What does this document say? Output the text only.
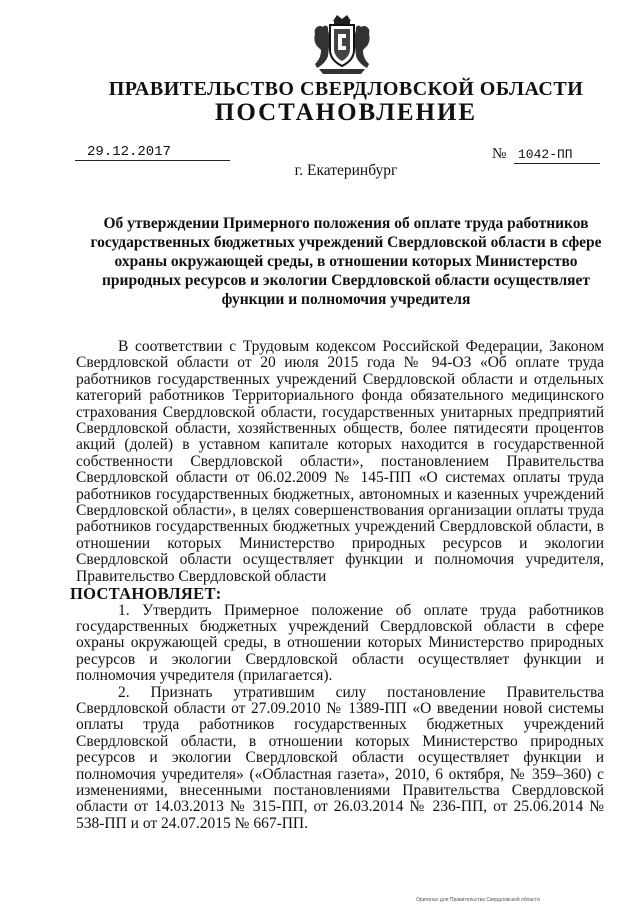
ПРАВИТЕЛЬСТВО СВЕРДЛОВСКОЙ ОБЛАСТИ
ПОСТАНОВЛЕНИЕ
29.12.2017	№ 1042-ПП
г. Екатеринбург
Об утверждении Примерного положения об оплате труда работников государственных бюджетных учреждений Свердловской области в сфере охраны окружающей среды, в отношении которых Министерство природных ресурсов и экологии Свердловской области осуществляет функции и полномочия учредителя

В соответствии с Трудовым кодексом Российской Федерации, Законом Свердловской области от 20 июля 2015 года № 94-ОЗ «Об оплате труда работников государственных учреждений Свердловской области и отдельных категорий работников Территориального фонда обязательного медицинского страхования Свердловской области, государственных унитарных предприятий Свердловской области, хозяйственных обществ, более пятидесяти процентов акций (долей) в уставном капитале которых находится в государственной собственности Свердловской области», постановлением Правительства Свердловской области от 06.02.2009 № 145-ПП «О системах оплаты труда работников государственных бюджетных, автономных и казенных учреждений Свердловской области», в целях совершенствования организации оплаты труда работников государственных бюджетных учреждений Свердловской области, в отношении которых Министерство природных ресурсов и экологии Свердловской области осуществляет функции и полномочия учредителя, Правительство Свердловской области

ПОСТАНОВЛЯЕТ:

1. Утвердить Примерное положение об оплате труда работников государственных бюджетных учреждений Свердловской области в сфере охраны окружающей среды, в отношении которых Министерство природных ресурсов и экологии Свердловской области осуществляет функции и полномочия учредителя (прилагается).

2. Признать утратившим силу постановление Правительства Свердловской области от 27.09.2010 № 1389-ПП «О введении новой системы оплаты труда работников государственных бюджетных учреждений Свердловской области, в отношении которых Министерство природных ресурсов и экологии Свердловской области осуществляет функции и полномочия учредителя» («Областная газета», 2010, 6 октября, № 359–360) с изменениями, внесенными постановлениями Правительства Свердловской области от 14.03.2013 № 315-ПП, от 26.03.2014 № 236-ПП, от 25.06.2014 № 538-ПП и от 24.07.2015 № 667-ПП.

Оригинал для Правительства Свердловской области
